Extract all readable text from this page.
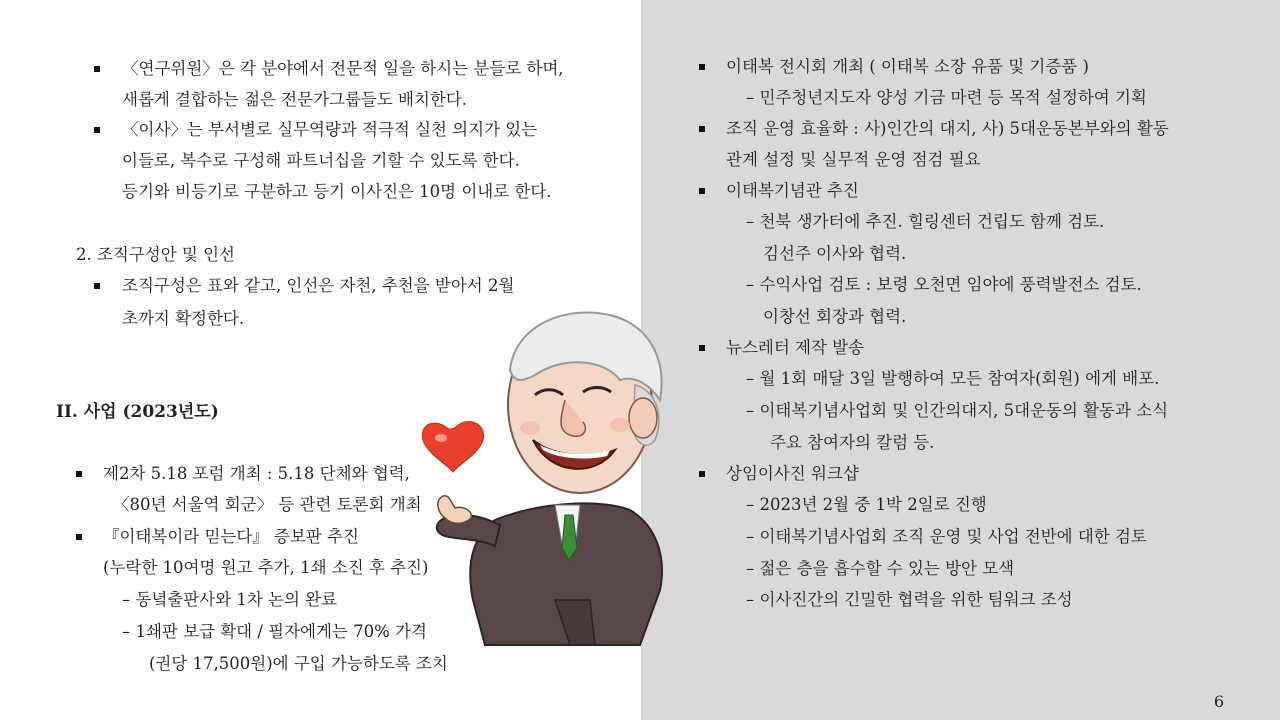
〈연구위원〉은 각 분야에서 전문적 일을 하시는 분들로 하며,
새롭게 결합하는 젊은 전문가그룹들도 배치한다.
〈이사〉는 부서별로 실무역량과 적극적 실천 의지가 있는
이들로, 복수로 구성해 파트너십을 기할 수 있도록 한다.
등기와 비등기로 구분하고 등기 이사진은 10명 이내로 한다.
2. 조직구성안 및 인선
조직구성은 표와 같고, 인선은 자천, 추천을 받아서 2월
초까지 확정한다.
II. 사업 (2023년도)
제2차 5.18 포럼 개최 : 5.18 단체와 협력,
〈80년 서울역 회군〉 등 관련 토론회 개최
『이태복이라 믿는다』 증보판 추진
(누락한 10여명 원고 추가, 1쇄 소진 후 추진)
– 동녘출판사와 1차 논의 완료
– 1쇄판 보급 확대 / 필자에게는 70% 가격
(권당 17,500원)에 구입 가능하도록 조치
이태복 전시회 개최 ( 이태복 소장 유품 및 기증품 )
– 민주청년지도자 양성 기금 마련 등 목적 설정하여 기획
조직 운영 효율화 : 사)인간의 대지, 사) 5대운동본부와의 활동
관계 설정 및 실무적 운영 점검 필요
이태복기념관 추진
– 천북 생가터에 추진. 힐링센터 건립도 함께 검토.
김선주 이사와 협력.
– 수익사업 검토 : 보령 오천면 임야에 풍력발전소 검토.
이창선 회장과 협력.
뉴스레터 제작 발송
– 월 1회 매달 3일 발행하여 모든 참여자(회원) 에게 배포.
– 이태복기념사업회 및 인간의대지, 5대운동의 활동과 소식
주요 참여자의 칼럼 등.
상임이사진 워크샵
– 2023년 2월 중 1박 2일로 진행
– 이태복기념사업회 조직 운영 및 사업 전반에 대한 검토
– 젊은 층을 흡수할 수 있는 방안 모색
– 이사진간의 긴밀한 협력을 위한 팀워크 조성
6
